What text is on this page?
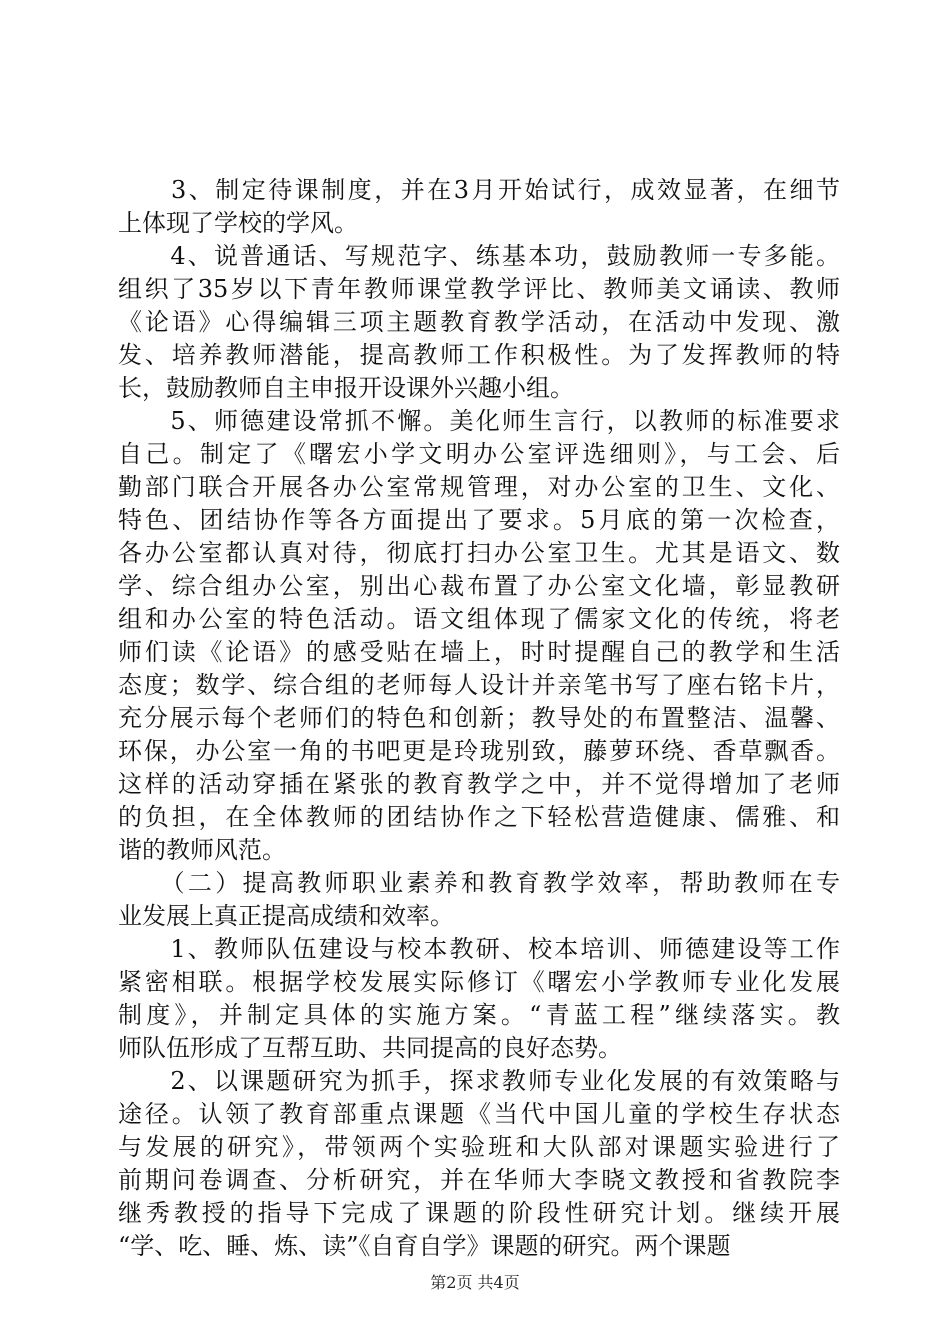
　　3、制定待课制度，并在3月开始试行，成效显著，在细节
上体现了学校的学风。
　　4、说普通话、写规范字、练基本功，鼓励教师一专多能。
组织了35岁以下青年教师课堂教学评比、教师美文诵读、教师
《论语》心得编辑三项主题教育教学活动，在活动中发现、激
发、培养教师潜能，提高教师工作积极性。为了发挥教师的特
长，鼓励教师自主申报开设课外兴趣小组。
　　5、师德建设常抓不懈。美化师生言行，以教师的标准要求
自己。制定了《曙宏小学文明办公室评选细则》，与工会、后
勤部门联合开展各办公室常规管理，对办公室的卫生、文化、
特色、团结协作等各方面提出了要求。5月底的第一次检查，
各办公室都认真对待，彻底打扫办公室卫生。尤其是语文、数
学、综合组办公室，别出心裁布置了办公室文化墙，彰显教研
组和办公室的特色活动。语文组体现了儒家文化的传统，将老
师们读《论语》的感受贴在墙上，时时提醒自己的教学和生活
态度；数学、综合组的老师每人设计并亲笔书写了座右铭卡片，
充分展示每个老师们的特色和创新；教导处的布置整洁、温馨、
环保，办公室一角的书吧更是玲珑别致，藤萝环绕、香草飘香。
这样的活动穿插在紧张的教育教学之中，并不觉得增加了老师
的负担，在全体教师的团结协作之下轻松营造健康、儒雅、和
谐的教师风范。
　　（二）提高教师职业素养和教育教学效率，帮助教师在专
业发展上真正提高成绩和效率。
　　1、教师队伍建设与校本教研、校本培训、师德建设等工作
紧密相联。根据学校发展实际修订《曙宏小学教师专业化发展
制度》，并制定具体的实施方案。“青蓝工程”继续落实。教
师队伍形成了互帮互助、共同提高的良好态势。
　　2、以课题研究为抓手，探求教师专业化发展的有效策略与
途径。认领了教育部重点课题《当代中国儿童的学校生存状态
与发展的研究》，带领两个实验班和大队部对课题实验进行了
前期问卷调查、分析研究，并在华师大李晓文教授和省教院李
继秀教授的指导下完成了课题的阶段性研究计划。继续开展
“学、吃、睡、炼、读”《自育自学》课题的研究。两个课题
第2页 共4页
